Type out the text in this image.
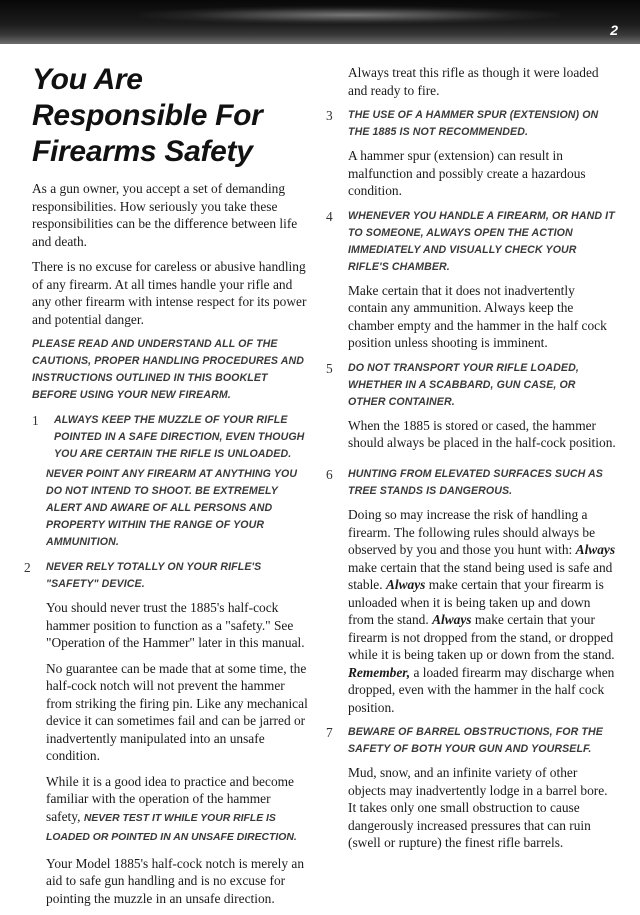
2
You Are
Responsible For
Firearms Safety

As a gun owner, you accept a set of demanding responsibilities. How seriously you take these responsibilities can be the difference between life and death.

There is no excuse for careless or abusive handling of any firearm. At all times handle your rifle and any other firearm with intense respect for its power and potential danger.

PLEASE READ AND UNDERSTAND ALL OF THE CAUTIONS, PROPER HANDLING PROCEDURES AND INSTRUCTIONS OUTLINED IN THIS BOOKLET BEFORE USING YOUR NEW FIREARM.
1	ALWAYS KEEP THE MUZZLE OF YOUR RIFLE POINTED IN A SAFE DIRECTION, EVEN THOUGH YOU ARE CERTAIN THE RIFLE IS UNLOADED.

Always treat this rifle as though it were loaded and ready to fire.

3	THE USE OF A HAMMER SPUR (EXTENSION) ON THE 1885 IS NOT RECOMMENDED.

A hammer spur (extension) can result in malfunction and possibly create a hazardous condition.

4	WHENEVER YOU HANDLE A FIREARM, OR HAND IT TO SOMEONE, ALWAYS OPEN THE ACTION IMMEDIATELY AND VISUALLY CHECK YOUR RIFLE'S CHAMBER.

Make certain that it does not inadvertently contain any ammunition. Always keep the chamber empty and the hammer in the half cock position unless shooting is imminent.

5	DO NOT TRANSPORT YOUR RIFLE LOADED, WHETHER IN A SCABBARD, GUN CASE, OR OTHER CONTAINER.

When the 1885 is stored or cased, the hammer should always be placed in the half-cock position.

NEVER POINT ANY FIREARM AT ANYTHING YOU DO NOT INTEND TO SHOOT. BE EXTREMELY ALERT AND AWARE OF ALL PERSONS AND PROPERTY WITHIN THE RANGE OF YOUR AMMUNITION.
2	NEVER RELY TOTALLY ON YOUR RIFLE'S "SAFETY" DEVICE.

You should never trust the 1885's half-cock hammer position to function as a "safety." See "Operation of the Hammer" later in this manual.

No guarantee can be made that at some time, the half-cock notch will not prevent the hammer from striking the firing pin. Like any mechanical device it can sometimes fail and can be jarred or inadvertently manipulated into an unsafe condition.

While it is a good idea to practice and become familiar with the operation of the hammer safety, NEVER TEST IT WHILE YOUR RIFLE IS LOADED OR POINTED IN AN UNSAFE DIRECTION.

Your Model 1885's half-cock notch is merely an aid to safe gun handling and is no excuse for pointing the muzzle in an unsafe direction.

6	HUNTING FROM ELEVATED SURFACES SUCH AS TREE STANDS IS DANGEROUS.

Doing so may increase the risk of handling a firearm. The following rules should always be observed by you and those you hunt with: Always make certain that the stand being used is safe and stable. Always make certain that your firearm is unloaded when it is being taken up and down from the stand. Always make certain that your firearm is not dropped from the stand, or dropped while it is being taken up or down from the stand. Remember, a loaded firearm may discharge when dropped, even with the hammer in the half cock position.

7	BEWARE OF BARREL OBSTRUCTIONS, FOR THE SAFETY OF BOTH YOUR GUN AND YOURSELF.

Mud, snow, and an infinite variety of other objects may inadvertently lodge in a barrel bore. It takes only one small obstruction to cause dangerously increased pressures that can ruin (swell or rupture) the finest rifle barrels.
